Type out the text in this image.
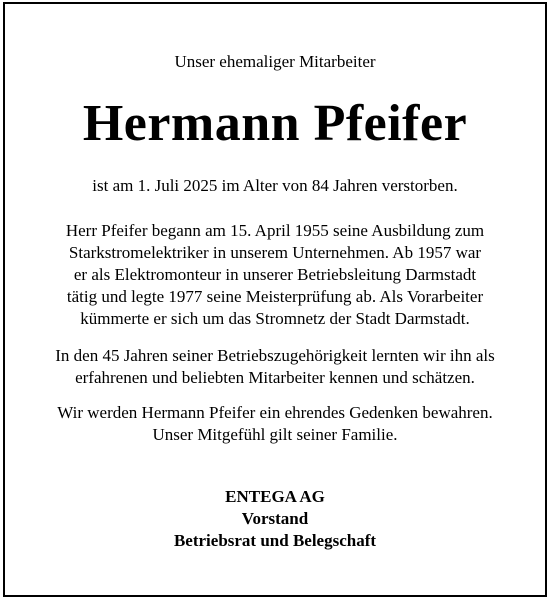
Unser ehemaliger Mitarbeiter
Hermann Pfeifer
ist am 1. Juli 2025 im Alter von 84 Jahren verstorben.

Herr Pfeifer begann am 15. April 1955 seine Ausbildung zum
Starkstromelektriker in unserem Unternehmen. Ab 1957 war
er als Elektromonteur in unserer Betriebsleitung Darmstadt
tätig und legte 1977 seine Meisterprüfung ab. Als Vorarbeiter
kümmerte er sich um das Stromnetz der Stadt Darmstadt.

In den 45 Jahren seiner Betriebszugehörigkeit lernten wir ihn als
erfahrenen und beliebten Mitarbeiter kennen und schätzen.

Wir werden Hermann Pfeifer ein ehrendes Gedenken bewahren.
Unser Mitgefühl gilt seiner Familie.

ENTEGA AG
Vorstand
Betriebsrat und Belegschaft
